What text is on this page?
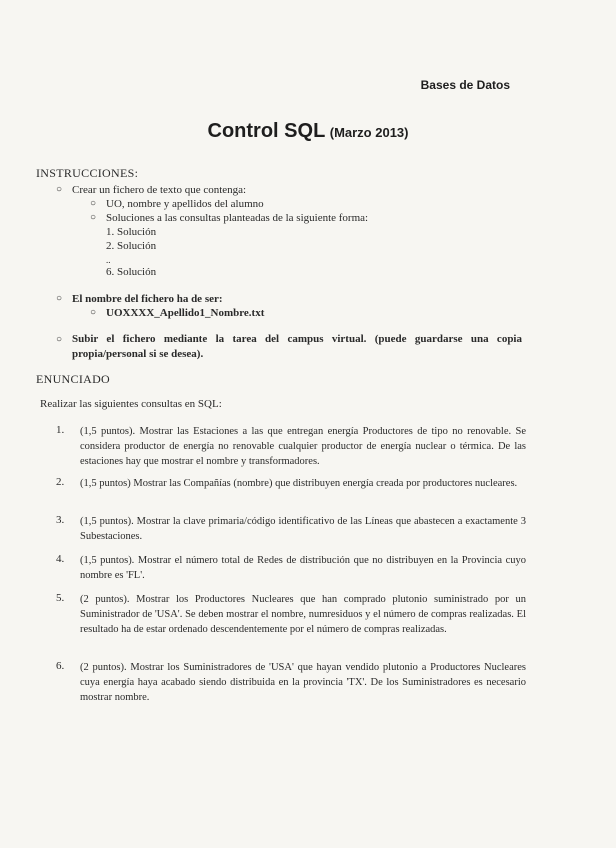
Bases de Datos
Control SQL (Marzo 2013)
INSTRUCCIONES:
○ Crear un fichero de texto que contenga:
○ UO, nombre y apellidos del alumno
○ Soluciones a las consultas planteadas de la siguiente forma:
1. Solución
2. Solución
..
6. Solución
○ El nombre del fichero ha de ser:
○ UOXXXX_Apellido1_Nombre.txt
○ Subir el fichero mediante la tarea del campus virtual. (puede guardarse una copia propia/personal si se desea).
ENUNCIADO
Realizar las siguientes consultas en SQL:
1. (1,5 puntos). Mostrar las Estaciones a las que entregan energía Productores de tipo no renovable. Se considera productor de energía no renovable cualquier productor de energía nuclear o térmica. De las estaciones hay que mostrar el nombre y transformadores.
2. (1,5 puntos) Mostrar las Compañías (nombre) que distribuyen energía creada por productores nucleares.
3. (1,5 puntos). Mostrar la clave primaria/código identificativo de las Líneas que abastecen a exactamente 3 Subestaciones.
4. (1,5 puntos). Mostrar el número total de Redes de distribución que no distribuyen en la Provincia cuyo nombre es 'FL'.
5. (2 puntos). Mostrar los Productores Nucleares que han comprado plutonio suministrado por un Suministrador de 'USA'. Se deben mostrar el nombre, numresiduos y el número de compras realizadas. El resultado ha de estar ordenado descendentemente por el número de compras realizadas.
6. (2 puntos). Mostrar los Suministradores de 'USA' que hayan vendido plutonio a Productores Nucleares cuya energía haya acabado siendo distribuida en la provincia 'TX'. De los Suministradores es necesario mostrar nombre.
